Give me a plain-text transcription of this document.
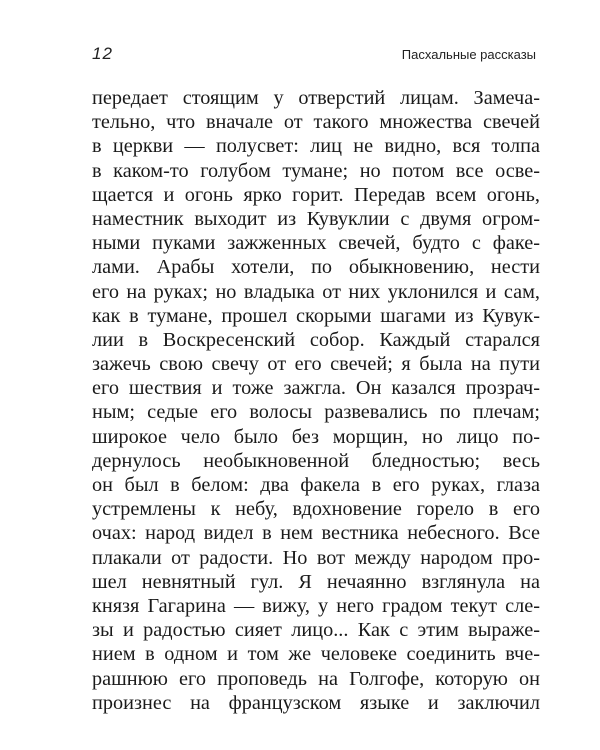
12	Пасхальные рассказы
передает стоящим у отверстий лицам. Замеча-
тельно, что вначале от такого множества свечей
в церкви — полусвет: лиц не видно, вся толпа
в каком-то голубом тумане; но потом все осве-
щается и огонь ярко горит. Передав всем огонь,
наместник выходит из Кувуклии с двумя огром-
ными пуками зажженных свечей, будто с факе-
лами. Арабы хотели, по обыкновению, нести
его на руках; но владыка от них уклонился и сам,
как в тумане, прошел скорыми шагами из Кувук-
лии в Воскресенский собор. Каждый старался
зажечь свою свечу от его свечей; я была на пути
его шествия и тоже зажгла. Он казался прозрач-
ным; седые его волосы развевались по плечам;
широкое чело было без морщин, но лицо по-
дернулось необыкновенной бледностью; весь
он был в белом: два факела в его руках, глаза
устремлены к небу, вдохновение горело в его
очах: народ видел в нем вестника небесного. Все
плакали от радости. Но вот между народом про-
шел невнятный гул. Я нечаянно взглянула на
князя Гагарина — вижу, у него градом текут сле-
зы и радостью сияет лицо... Как с этим выраже-
нием в одном и том же человеке соединить вче-
рашнюю его проповедь на Голгофе, которую он
произнес на французском языке и заключил
